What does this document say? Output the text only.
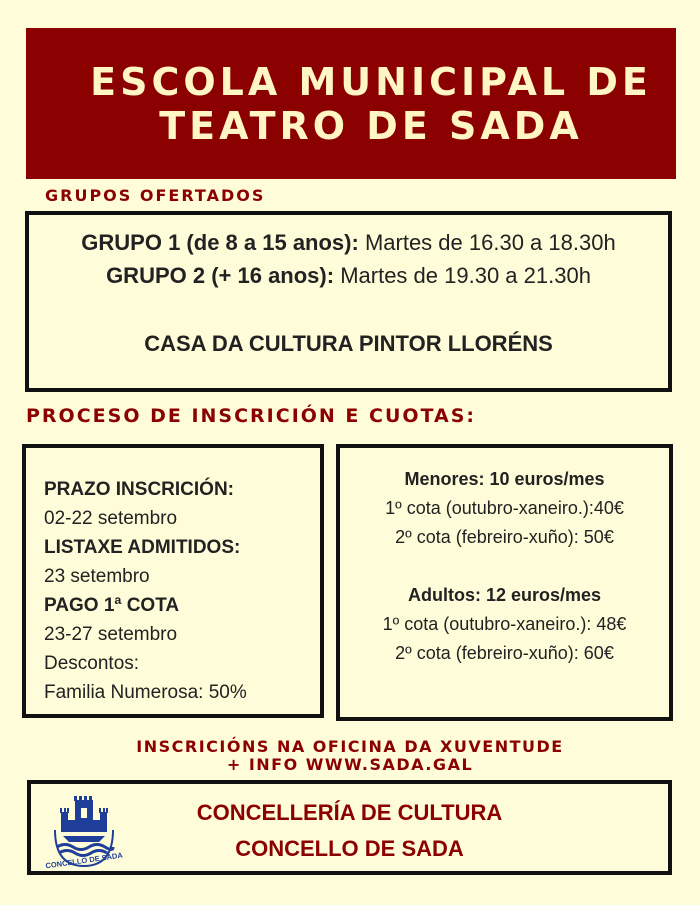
ESCOLA MUNICIPAL DE
TEATRO DE SADA
GRUPOS OFERTADOS
GRUPO 1 (de 8 a 15 anos): Martes de 16.30 a 18.30h
GRUPO 2 (+ 16 anos): Martes de 19.30 a 21.30h
CASA DA CULTURA PINTOR LLORÉNS
PROCESO DE INSCRICIÓN E CUOTAS:
PRAZO INSCRICIÓN:
02-22 setembro
LISTAXE ADMITIDOS:
23 setembro
PAGO 1ª COTA
23-27 setembro
Descontos:
Familia Numerosa: 50%
Menores: 10 euros/mes
1º cota (outubro-xaneiro.):40€
2º cota (febreiro-xuño): 50€
Adultos: 12 euros/mes
1º cota (outubro-xaneiro.): 48€
2º cota (febreiro-xuño): 60€
INSCRICIÓNS NA OFICINA DA XUVENTUDE
+ INFO WWW.SADA.GAL
CONCELLO DE SADA
CONCELLERÍA DE CULTURA
CONCELLO DE SADA
